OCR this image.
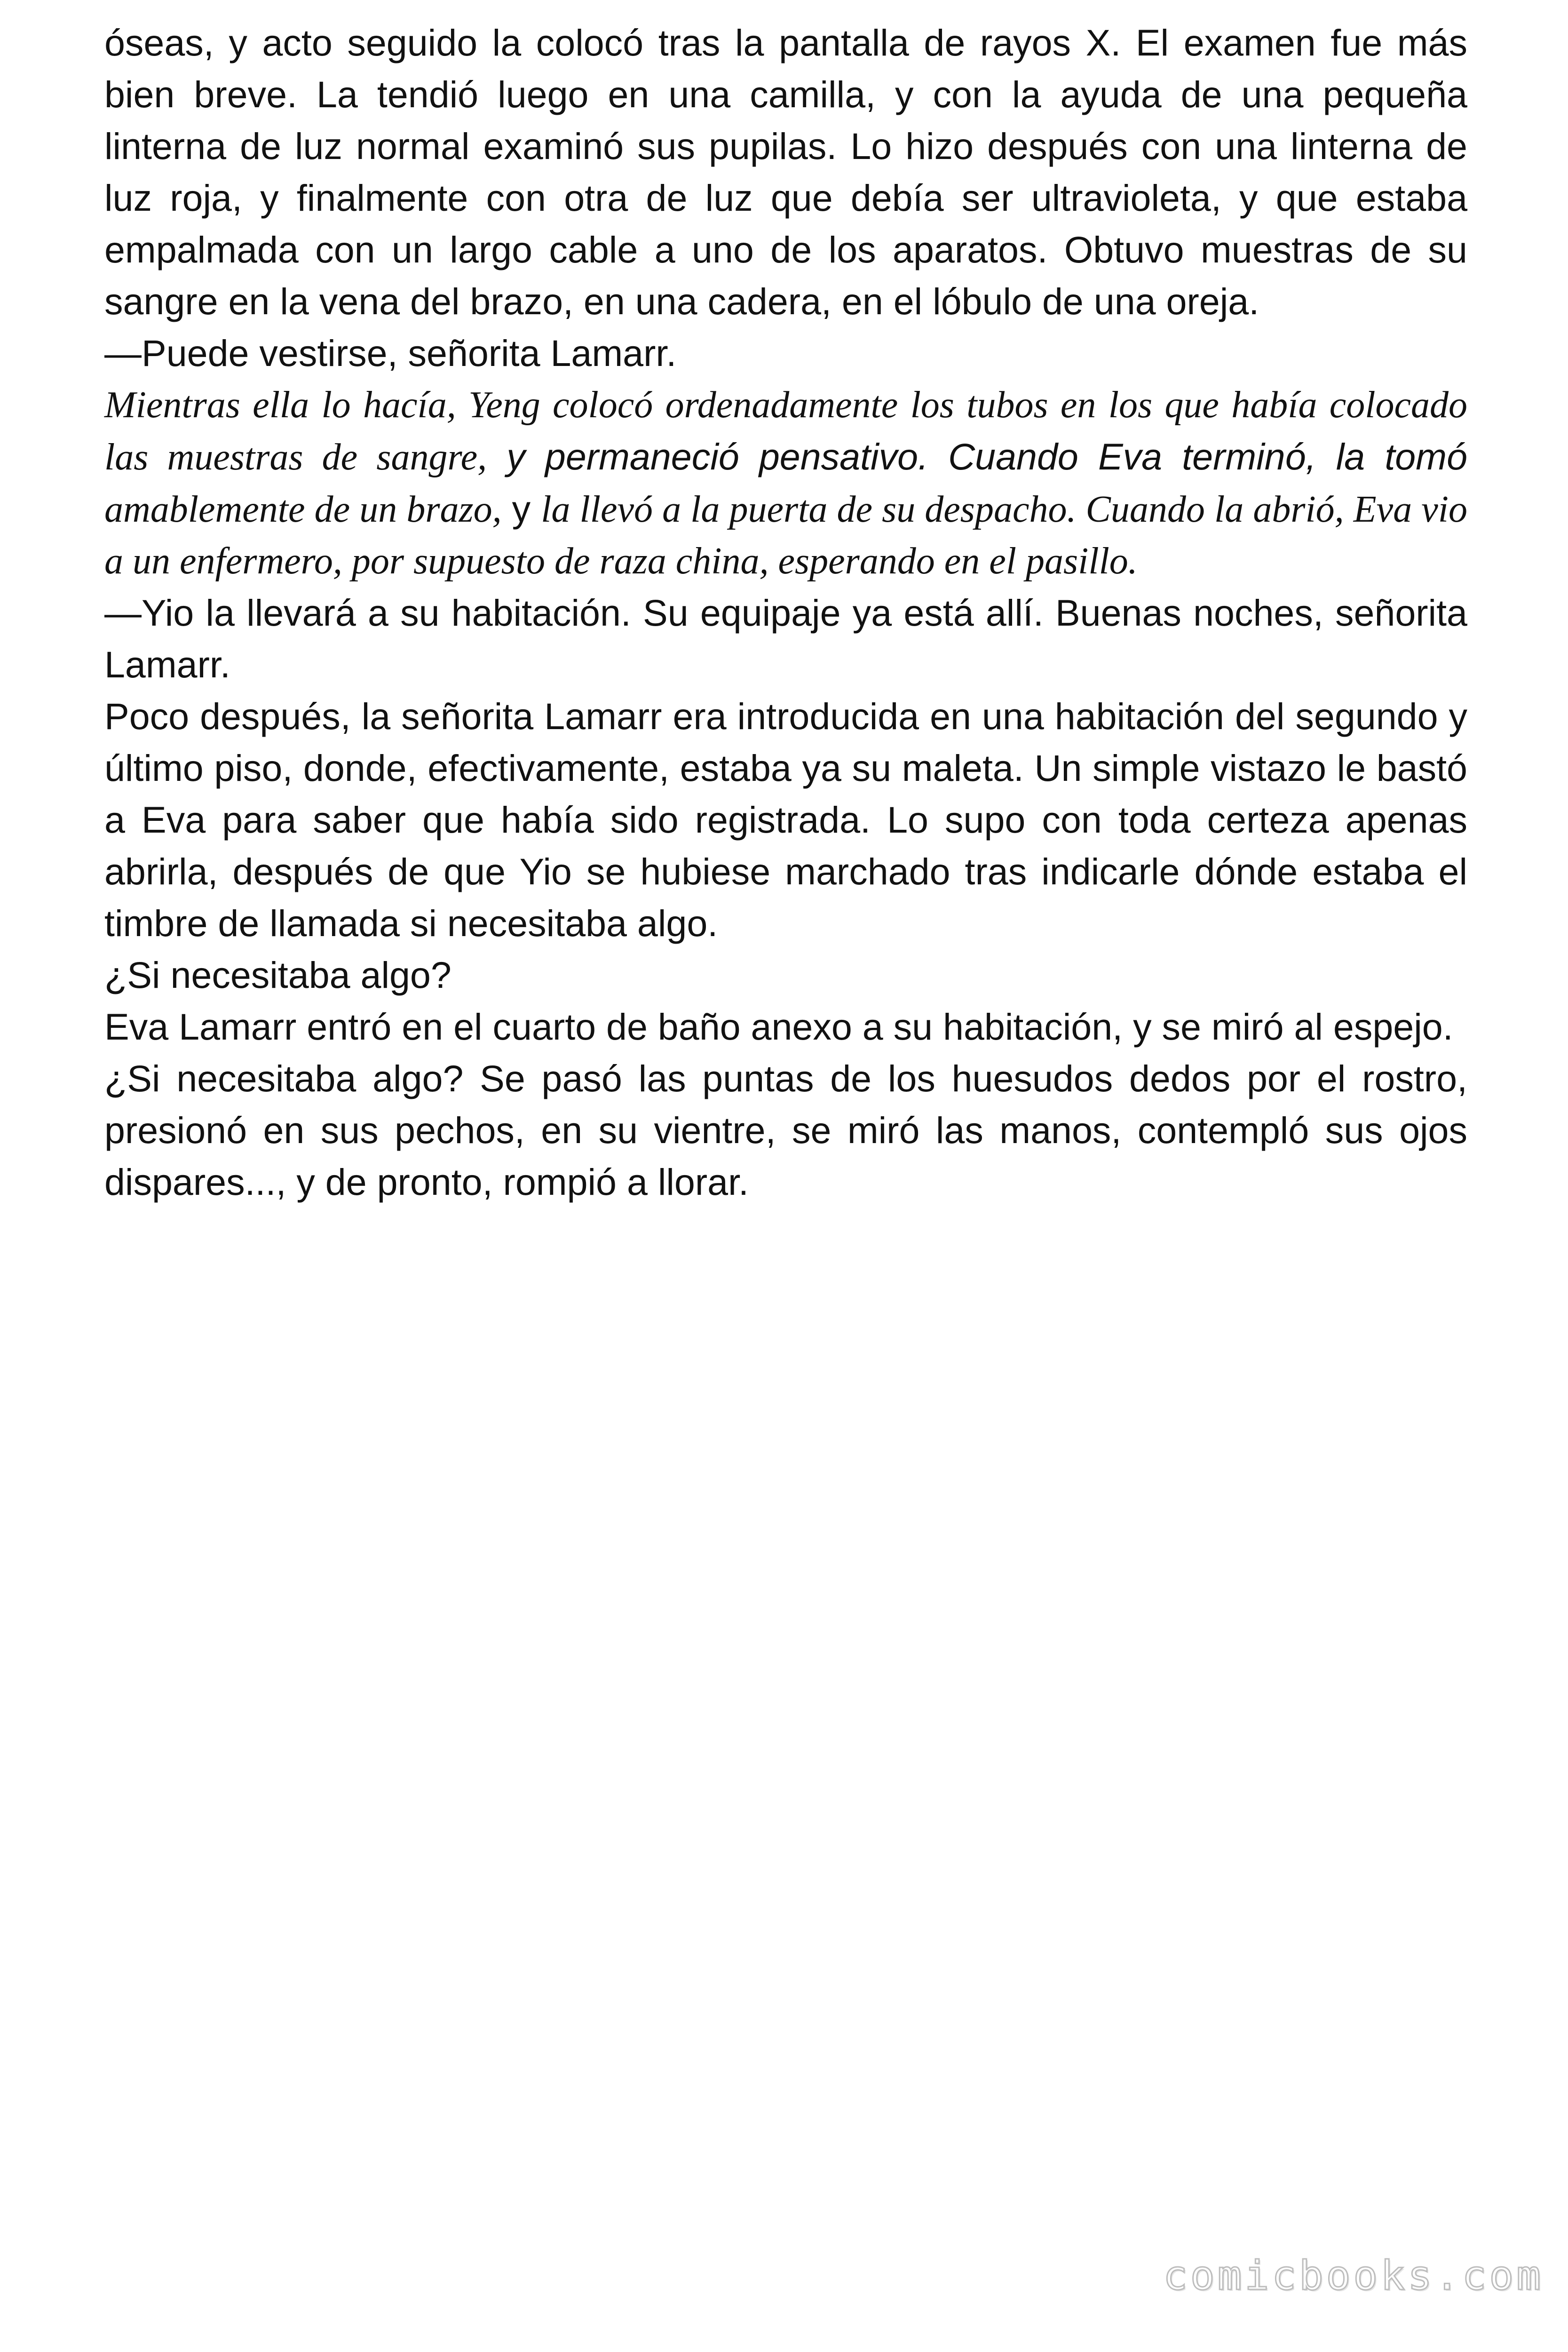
óseas, y acto seguido la colocó tras la pantalla de rayos X. El examen fue más bien breve. La tendió luego en una camilla, y con la ayuda de una pequeña linterna de luz normal examinó sus pupilas. Lo hizo después con una linterna de luz roja, y finalmente con otra de luz que debía ser ultravioleta, y que estaba empalmada con un largo cable a uno de los aparatos. Obtuvo muestras de su sangre en la vena del brazo, en una cadera, en el lóbulo de una oreja.

—Puede vestirse, señorita Lamarr.

Mientras ella lo hacía, Yeng colocó ordenadamente los tubos en los que había colocado las muestras de sangre, y permaneció pensativo. Cuando Eva terminó, la tomó amablemente de un brazo, y la llevó a la puerta de su despacho. Cuando la abrió, Eva vio a un enfermero, por supuesto de raza china, esperando en el pasillo.

—Yio la llevará a su habitación. Su equipaje ya está allí. Buenas noches, señorita Lamarr.

Poco después, la señorita Lamarr era introducida en una habitación del segundo y último piso, donde, efectivamente, estaba ya su maleta. Un simple vistazo le bastó a Eva para saber que había sido registrada. Lo supo con toda certeza apenas abrirla, después de que Yio se hubiese marchado tras indicarle dónde estaba el timbre de llamada si necesitaba algo.

¿Si necesitaba algo?

Eva Lamarr entró en el cuarto de baño anexo a su habitación, y se miró al espejo.

¿Si necesitaba algo? Se pasó las puntas de los huesudos dedos por el rostro, presionó en sus pechos, en su vientre, se miró las manos, contempló sus ojos dispares..., y de pronto, rompió a llorar.

comicbooks.com
